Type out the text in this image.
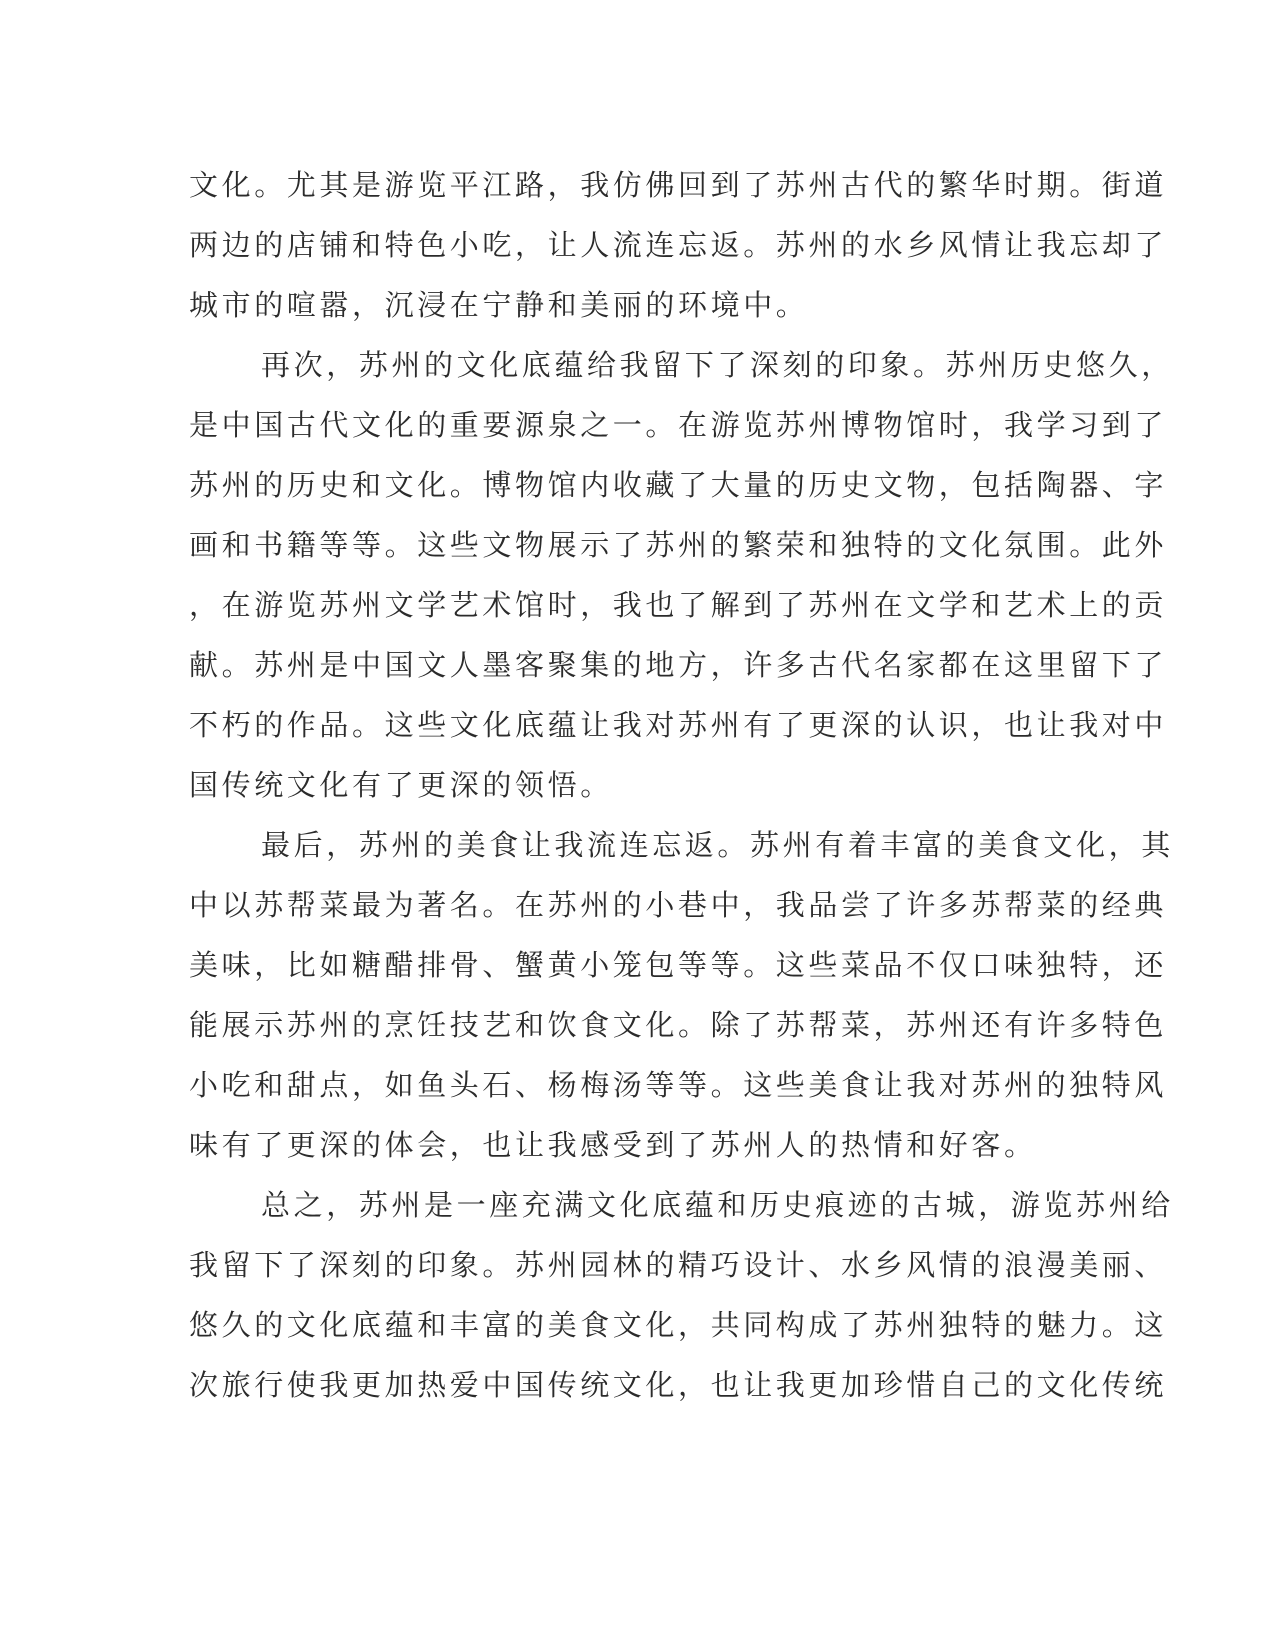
文化。尤其是游览平江路，我仿佛回到了苏州古代的繁华时期。街道
两边的店铺和特色小吃，让人流连忘返。苏州的水乡风情让我忘却了
城市的喧嚣，沉浸在宁静和美丽的环境中。
再次，苏州的文化底蕴给我留下了深刻的印象。苏州历史悠久，
是中国古代文化的重要源泉之一。在游览苏州博物馆时，我学习到了
苏州的历史和文化。博物馆内收藏了大量的历史文物，包括陶器、字
画和书籍等等。这些文物展示了苏州的繁荣和独特的文化氛围。此外
，在游览苏州文学艺术馆时，我也了解到了苏州在文学和艺术上的贡
献。苏州是中国文人墨客聚集的地方，许多古代名家都在这里留下了
不朽的作品。这些文化底蕴让我对苏州有了更深的认识，也让我对中
国传统文化有了更深的领悟。
最后，苏州的美食让我流连忘返。苏州有着丰富的美食文化，其
中以苏帮菜最为著名。在苏州的小巷中，我品尝了许多苏帮菜的经典
美味，比如糖醋排骨、蟹黄小笼包等等。这些菜品不仅口味独特，还
能展示苏州的烹饪技艺和饮食文化。除了苏帮菜，苏州还有许多特色
小吃和甜点，如鱼头石、杨梅汤等等。这些美食让我对苏州的独特风
味有了更深的体会，也让我感受到了苏州人的热情和好客。
总之，苏州是一座充满文化底蕴和历史痕迹的古城，游览苏州给
我留下了深刻的印象。苏州园林的精巧设计、水乡风情的浪漫美丽、
悠久的文化底蕴和丰富的美食文化，共同构成了苏州独特的魅力。这
次旅行使我更加热爱中国传统文化，也让我更加珍惜自己的文化传统
